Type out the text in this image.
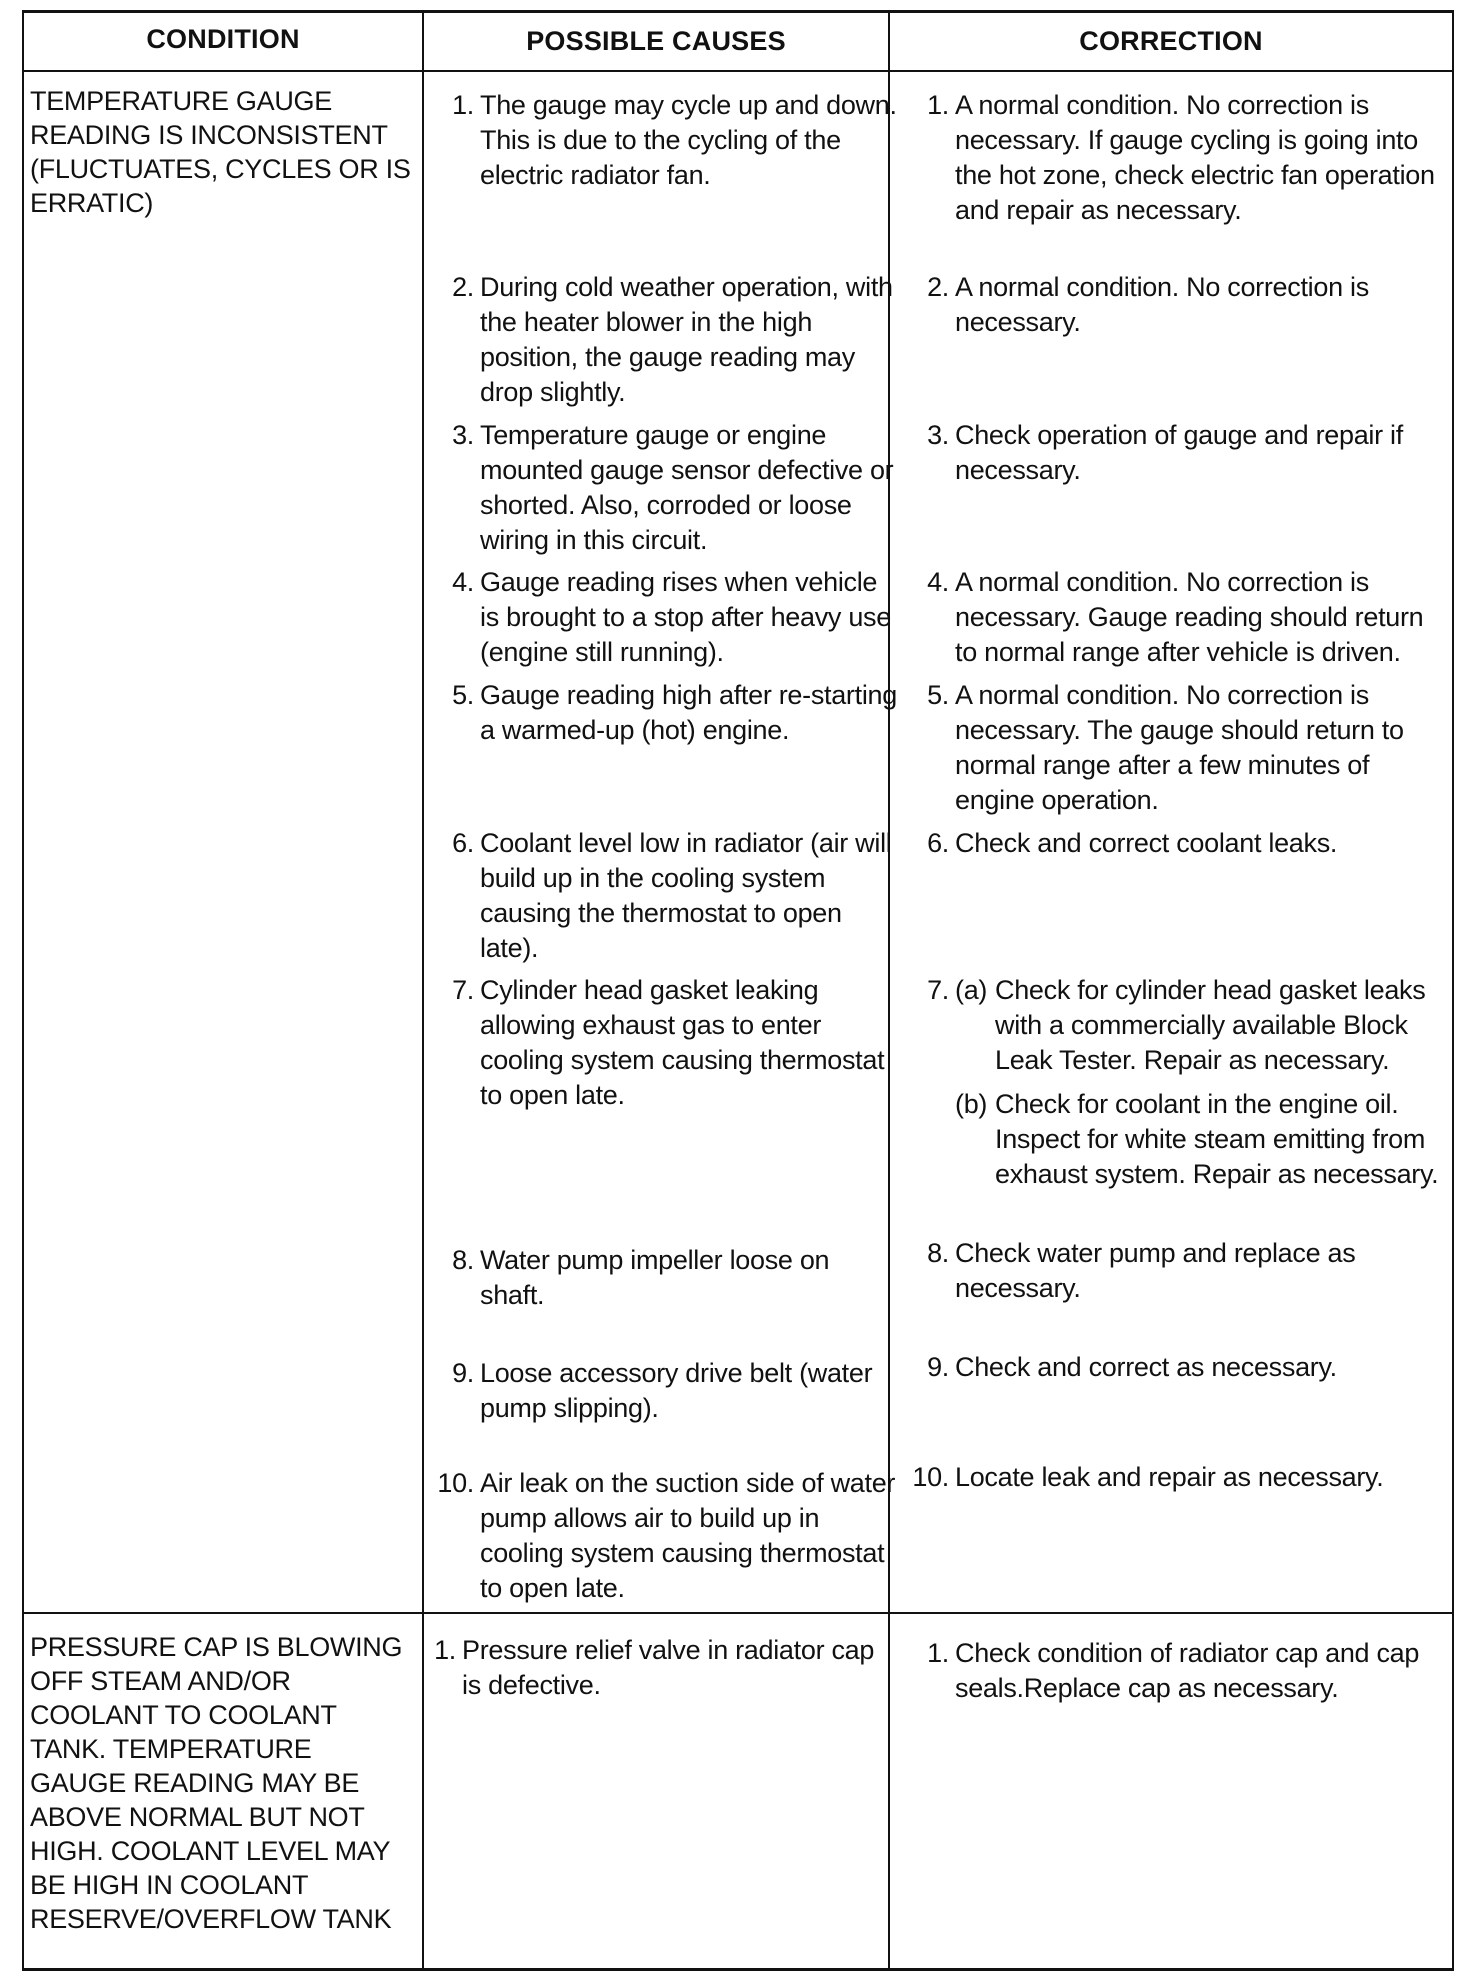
CONDITION	POSSIBLE CAUSES	CORRECTION
TEMPERATURE GAUGE READING IS INCONSISTENT (FLUCTUATES, CYCLES OR IS ERRATIC)
1. The gauge may cycle up and down. This is due to the cycling of the electric radiator fan.
2. During cold weather operation, with the heater blower in the high position, the gauge reading may drop slightly.
3. Temperature gauge or engine mounted gauge sensor defective or shorted. Also, corroded or loose wiring in this circuit.
4. Gauge reading rises when vehicle is brought to a stop after heavy use (engine still running).
5. Gauge reading high after re-starting a warmed-up (hot) engine.
6. Coolant level low in radiator (air will build up in the cooling system causing the thermostat to open late).
7. Cylinder head gasket leaking allowing exhaust gas to enter cooling system causing thermostat to open late.
8. Water pump impeller loose on shaft.
9. Loose accessory drive belt (water pump slipping).
10. Air leak on the suction side of water pump allows air to build up in cooling system causing thermostat to open late.
1. A normal condition. No correction is necessary. If gauge cycling is going into the hot zone, check electric fan operation and repair as necessary.
2. A normal condition. No correction is necessary.
3. Check operation of gauge and repair if necessary.
4. A normal condition. No correction is necessary. Gauge reading should return to normal range after vehicle is driven.
5. A normal condition. No correction is necessary. The gauge should return to normal range after a few minutes of engine operation.
6. Check and correct coolant leaks.
7. (a) Check for cylinder head gasket leaks with a commercially available Block Leak Tester. Repair as necessary.
(b) Check for coolant in the engine oil. Inspect for white steam emitting from exhaust system. Repair as necessary.
8. Check water pump and replace as necessary.
9. Check and correct as necessary.
10. Locate leak and repair as necessary.
PRESSURE CAP IS BLOWING OFF STEAM AND/OR COOLANT TO COOLANT TANK. TEMPERATURE GAUGE READING MAY BE ABOVE NORMAL BUT NOT HIGH. COOLANT LEVEL MAY BE HIGH IN COOLANT RESERVE/OVERFLOW TANK
1. Pressure relief valve in radiator cap is defective.
1. Check condition of radiator cap and cap seals.Replace cap as necessary.
